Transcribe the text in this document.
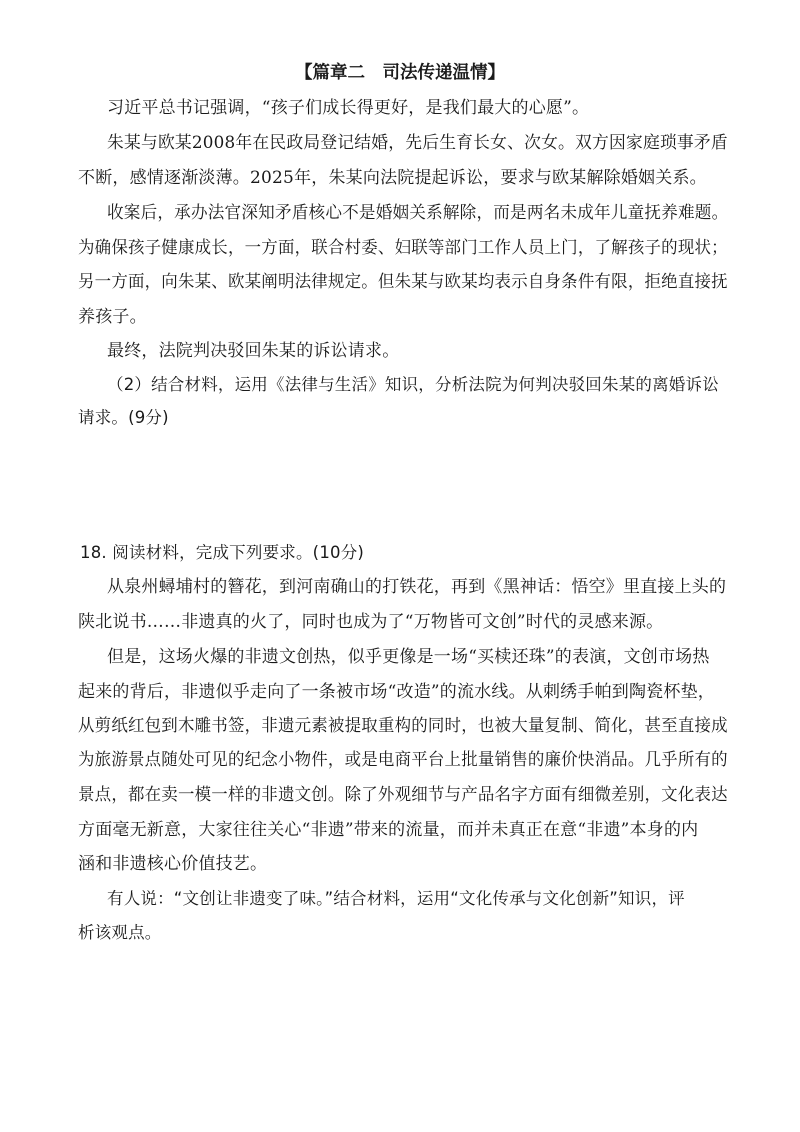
【篇章二　司法传递温情】
习近平总书记强调，“孩子们成长得更好，是我们最大的心愿”。
朱某与欧某2008年在民政局登记结婚，先后生育长女、次女。双方因家庭琐事矛盾
不断，感情逐渐淡薄。2025年，朱某向法院提起诉讼，要求与欧某解除婚姻关系。
收案后，承办法官深知矛盾核心不是婚姻关系解除，而是两名未成年儿童抚养难题。
为确保孩子健康成长，一方面，联合村委、妇联等部门工作人员上门，了解孩子的现状；
另一方面，向朱某、欧某阐明法律规定。但朱某与欧某均表示自身条件有限，拒绝直接抚
养孩子。
最终，法院判决驳回朱某的诉讼请求。
（2）结合材料，运用《法律与生活》知识，分析法院为何判决驳回朱某的离婚诉讼
请求。(9分)
18. 阅读材料，完成下列要求。(10分)
从泉州蟳埔村的簪花，到河南确山的打铁花，再到《黑神话：悟空》里直接上头的
陕北说书……非遗真的火了，同时也成为了“万物皆可文创”时代的灵感来源。
但是，这场火爆的非遗文创热，似乎更像是一场“买椟还珠”的表演，文创市场热
起来的背后，非遗似乎走向了一条被市场“改造”的流水线。从刺绣手帕到陶瓷杯垫，
从剪纸红包到木雕书签，非遗元素被提取重构的同时，也被大量复制、简化，甚至直接成
为旅游景点随处可见的纪念小物件，或是电商平台上批量销售的廉价快消品。几乎所有的
景点，都在卖一模一样的非遗文创。除了外观细节与产品名字方面有细微差别，文化表达
方面毫无新意，大家往往关心“非遗”带来的流量，而并未真正在意“非遗”本身的内
涵和非遗核心价值技艺。
有人说：“文创让非遗变了味。”结合材料，运用“文化传承与文化创新”知识，评
析该观点。
